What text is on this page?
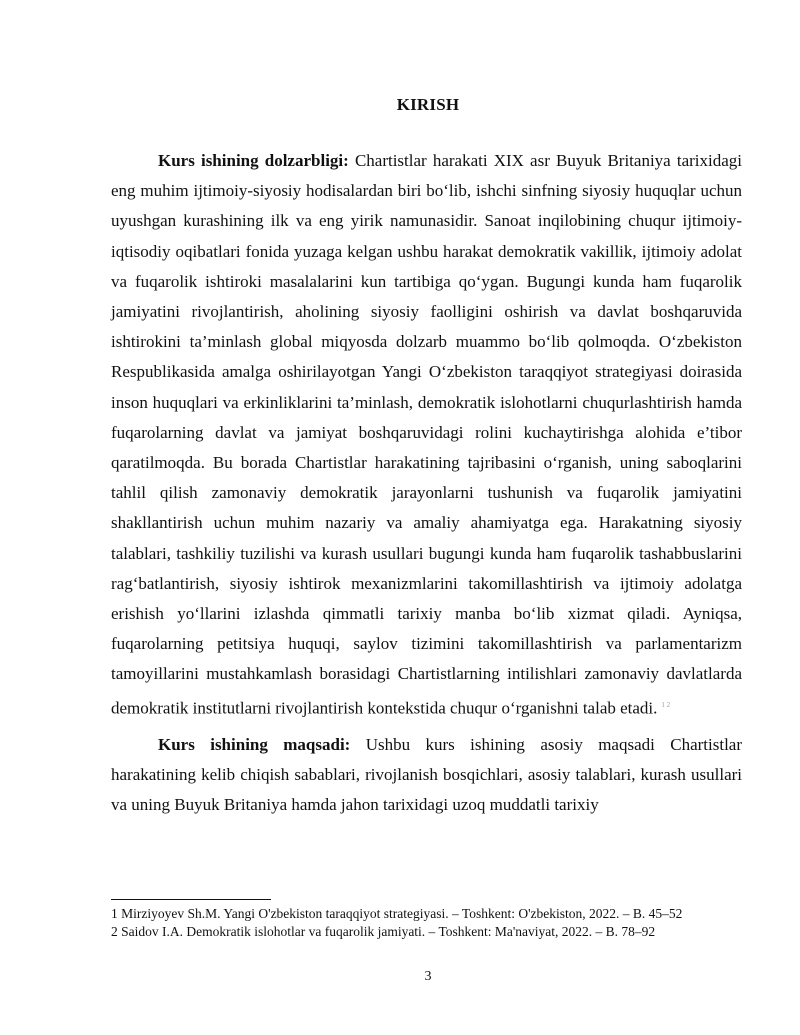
KIRISH

Kurs ishining dolzarbligi: Chartistlar harakati XIX asr Buyuk Britaniya tarixidagi eng muhim ijtimoiy-siyosiy hodisalardan biri bo‘lib, ishchi sinfning siyosiy huquqlar uchun uyushgan kurashining ilk va eng yirik namunasidir. Sanoat inqilobining chuqur ijtimoiy-iqtisodiy oqibatlari fonida yuzaga kelgan ushbu harakat demokratik vakillik, ijtimoiy adolat va fuqarolik ishtiroki masalalarini kun tartibiga qo‘ygan. Bugungi kunda ham fuqarolik jamiyatini rivojlantirish, aholining siyosiy faolligini oshirish va davlat boshqaruvida ishtirokini ta’minlash global miqyosda dolzarb muammo bo‘lib qolmoqda. O‘zbekiston Respublikasida amalga oshirilayotgan Yangi O‘zbekiston taraqqiyot strategiyasi doirasida inson huquqlari va erkinliklarini ta’minlash, demokratik islohotlarni chuqurlashtirish hamda fuqarolarning davlat va jamiyat boshqaruvidagi rolini kuchaytirishga alohida e’tibor qaratilmoqda. Bu borada Chartistlar harakatining tajribasini o‘rganish, uning saboqlarini tahlil qilish zamonaviy demokratik jarayonlarni tushunish va fuqarolik jamiyatini shakllantirish uchun muhim nazariy va amaliy ahamiyatga ega. Harakatning siyosiy talablari, tashkiliy tuzilishi va kurash usullari bugungi kunda ham fuqarolik tashabbuslarini rag‘batlantirish, siyosiy ishtirok mexanizmlarini takomillashtirish va ijtimoiy adolatga erishish yo‘llarini izlashda qimmatli tarixiy manba bo‘lib xizmat qiladi. Ayniqsa, fuqarolarning petitsiya huquqi, saylov tizimini takomillashtirish va parlamentarizm tamoyillarini mustahkamlash borasidagi Chartistlarning intilishlari zamonaviy davlatlarda demokratik institutlarni rivojlantirish kontekstida chuqur o‘rganishni talab etadi. $^{1 2}$

Kurs ishining maqsadi: Ushbu kurs ishining asosiy maqsadi Chartistlar harakatining kelib chiqish sabablari, rivojlanish bosqichlari, asosiy talablari, kurash usullari va uning Buyuk Britaniya hamda jahon tarixidagi uzoq muddatli tarixiy

1 Mirziyoyev Sh.M. Yangi O'zbekiston taraqqiyot strategiyasi. – Toshkent: O'zbekiston, 2022. – B. 45–52
2 Saidov I.A. Demokratik islohotlar va fuqarolik jamiyati. – Toshkent: Ma'naviyat, 2022. – B. 78–92
3
